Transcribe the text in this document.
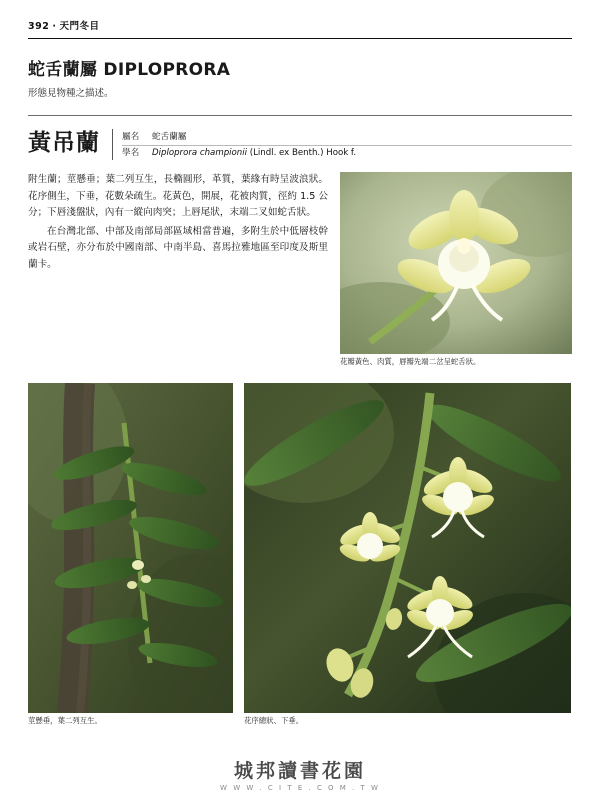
392 · 天門冬目
蛇舌蘭屬 DIPLOPRORA
形態見物種之描述。
黃吊蘭	屬名	蛇舌蘭屬
學名	Diploprora championii (Lindl. ex Benth.) Hook f.

附生蘭；莖懸垂；葉二列互生，長橢圓形，革質，葉緣有時呈波浪狀。花序側生，下垂，花數朵疏生。花黃色，開展，花被肉質，徑約 1.5 公分；下唇淺盤狀，內有一縱向肉突；上唇尾狀，末端二叉如蛇舌狀。

在台灣北部、中部及南部局部區域相當普遍，多附生於中低層枝幹或岩石壁，亦分布於中國南部、中南半島、喜馬拉雅地區至印度及斯里蘭卡。

花瓣黃色、肉質，唇瓣先端二岔呈蛇舌狀。
莖懸垂，葉二列互生。	花序總狀、下垂。
城邦讀書花園
W W W . C I T E . C O M . T W
